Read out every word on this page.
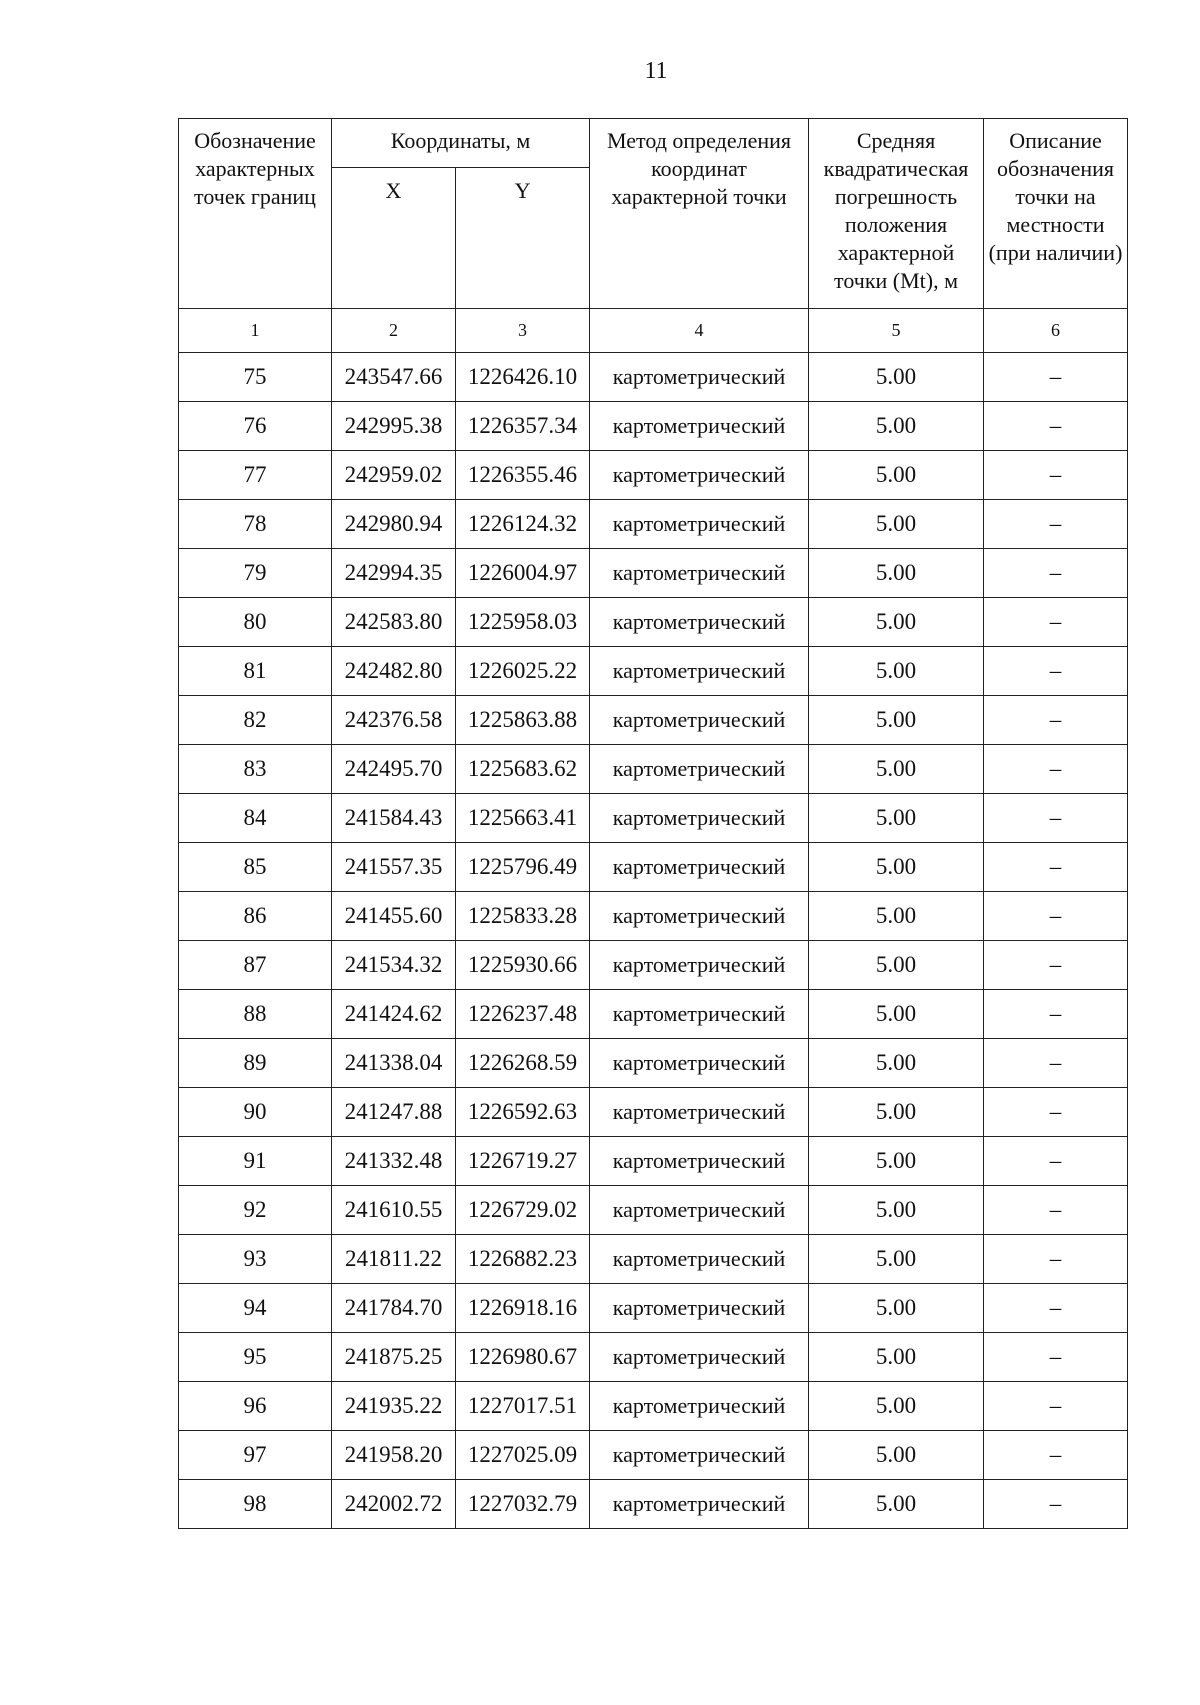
11
Обозначение характерных точек границ	Координаты, м		Метод определения координат характерной точки	Средняя квадратическая погрешность положения характерной точки (Mt), м	Описание обозначения точки на местности (при наличии)
	X	Y			
1	2	3	4	5	6
75	243547.66	1226426.10	картометрический	5.00	–
76	242995.38	1226357.34	картометрический	5.00	–
77	242959.02	1226355.46	картометрический	5.00	–
78	242980.94	1226124.32	картометрический	5.00	–
79	242994.35	1226004.97	картометрический	5.00	–
80	242583.80	1225958.03	картометрический	5.00	–
81	242482.80	1226025.22	картометрический	5.00	–
82	242376.58	1225863.88	картометрический	5.00	–
83	242495.70	1225683.62	картометрический	5.00	–
84	241584.43	1225663.41	картометрический	5.00	–
85	241557.35	1225796.49	картометрический	5.00	–
86	241455.60	1225833.28	картометрический	5.00	–
87	241534.32	1225930.66	картометрический	5.00	–
88	241424.62	1226237.48	картометрический	5.00	–
89	241338.04	1226268.59	картометрический	5.00	–
90	241247.88	1226592.63	картометрический	5.00	–
91	241332.48	1226719.27	картометрический	5.00	–
92	241610.55	1226729.02	картометрический	5.00	–
93	241811.22	1226882.23	картометрический	5.00	–
94	241784.70	1226918.16	картометрический	5.00	–
95	241875.25	1226980.67	картометрический	5.00	–
96	241935.22	1227017.51	картометрический	5.00	–
97	241958.20	1227025.09	картометрический	5.00	–
98	242002.72	1227032.79	картометрический	5.00	–
